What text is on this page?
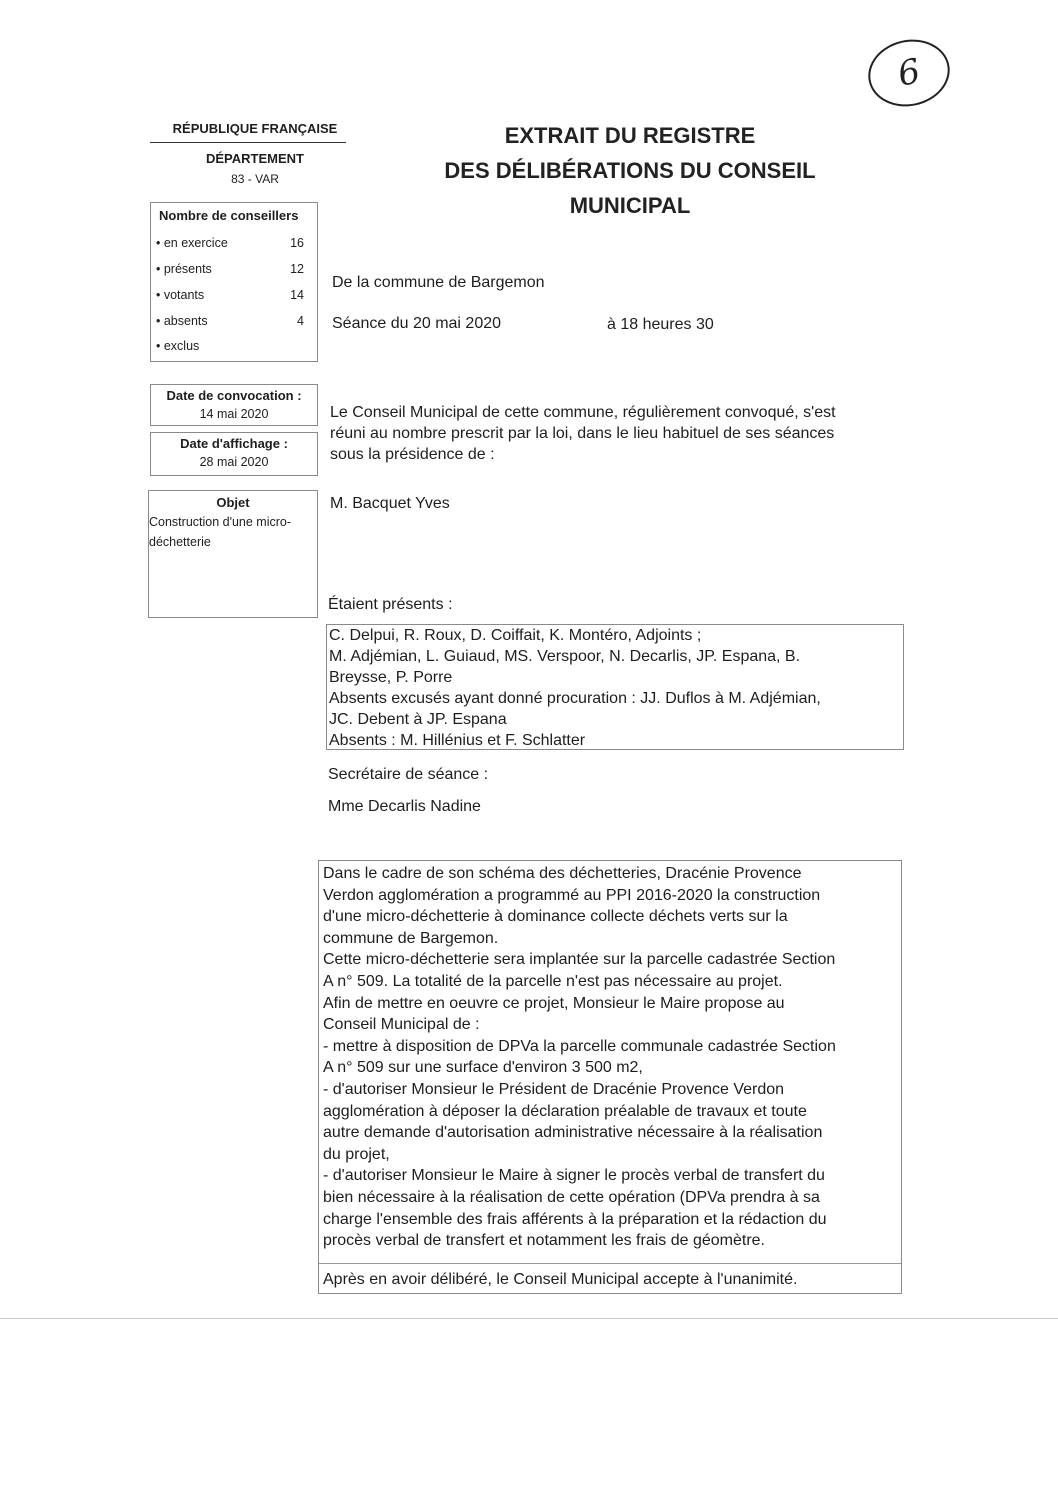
6
RÉPUBLIQUE FRANÇAISE
DÉPARTEMENT
83 - VAR
EXTRAIT DU REGISTRE
DES DÉLIBÉRATIONS DU CONSEIL
MUNICIPAL
Nombre de conseillers
• en exercice	16
• présents	12
• votants	14
• absents	4
• exclus
Date de convocation :
14 mai 2020
Date d'affichage :
28 mai 2020
Objet
Construction d'une micro-
déchetterie
De la commune de Bargemon
Séance du 20 mai 2020	à 18 heures 30
Le Conseil Municipal de cette commune, régulièrement convoqué, s'est
réuni au nombre prescrit par la loi, dans le lieu habituel de ses séances
sous la présidence de :
M. Bacquet Yves
Étaient présents :
C. Delpui, R. Roux, D. Coiffait, K. Montéro, Adjoints ;
M. Adjémian, L. Guiaud, MS. Verspoor, N. Decarlis, JP. Espana, B.
Breysse, P. Porre
Absents excusés ayant donné procuration : JJ. Duflos à M. Adjémian,
JC. Debent à JP. Espana
Absents : M. Hillénius et F. Schlatter
Secrétaire de séance :
Mme Decarlis Nadine
Dans le cadre de son schéma des déchetteries, Dracénie Provence
Verdon agglomération a programmé au PPI 2016-2020 la construction
d'une micro-déchetterie à dominance collecte déchets verts sur la
commune de Bargemon.
Cette micro-déchetterie sera implantée sur la parcelle cadastrée Section
A n° 509. La totalité de la parcelle n'est pas nécessaire au projet.
Afin de mettre en oeuvre ce projet, Monsieur le Maire propose au
Conseil Municipal de :
- mettre à disposition de DPVa la parcelle communale cadastrée Section
A n° 509 sur une surface d'environ 3 500 m2,
- d'autoriser Monsieur le Président de Dracénie Provence Verdon
agglomération à déposer la déclaration préalable de travaux et toute
autre demande d'autorisation administrative nécessaire à la réalisation
du projet,
- d'autoriser Monsieur le Maire à signer le procès verbal de transfert du
bien nécessaire à la réalisation de cette opération (DPVa prendra à sa
charge l'ensemble des frais afférents à la préparation et la rédaction du
procès verbal de transfert et notamment les frais de géomètre.
Après en avoir délibéré, le Conseil Municipal accepte à l'unanimité.
